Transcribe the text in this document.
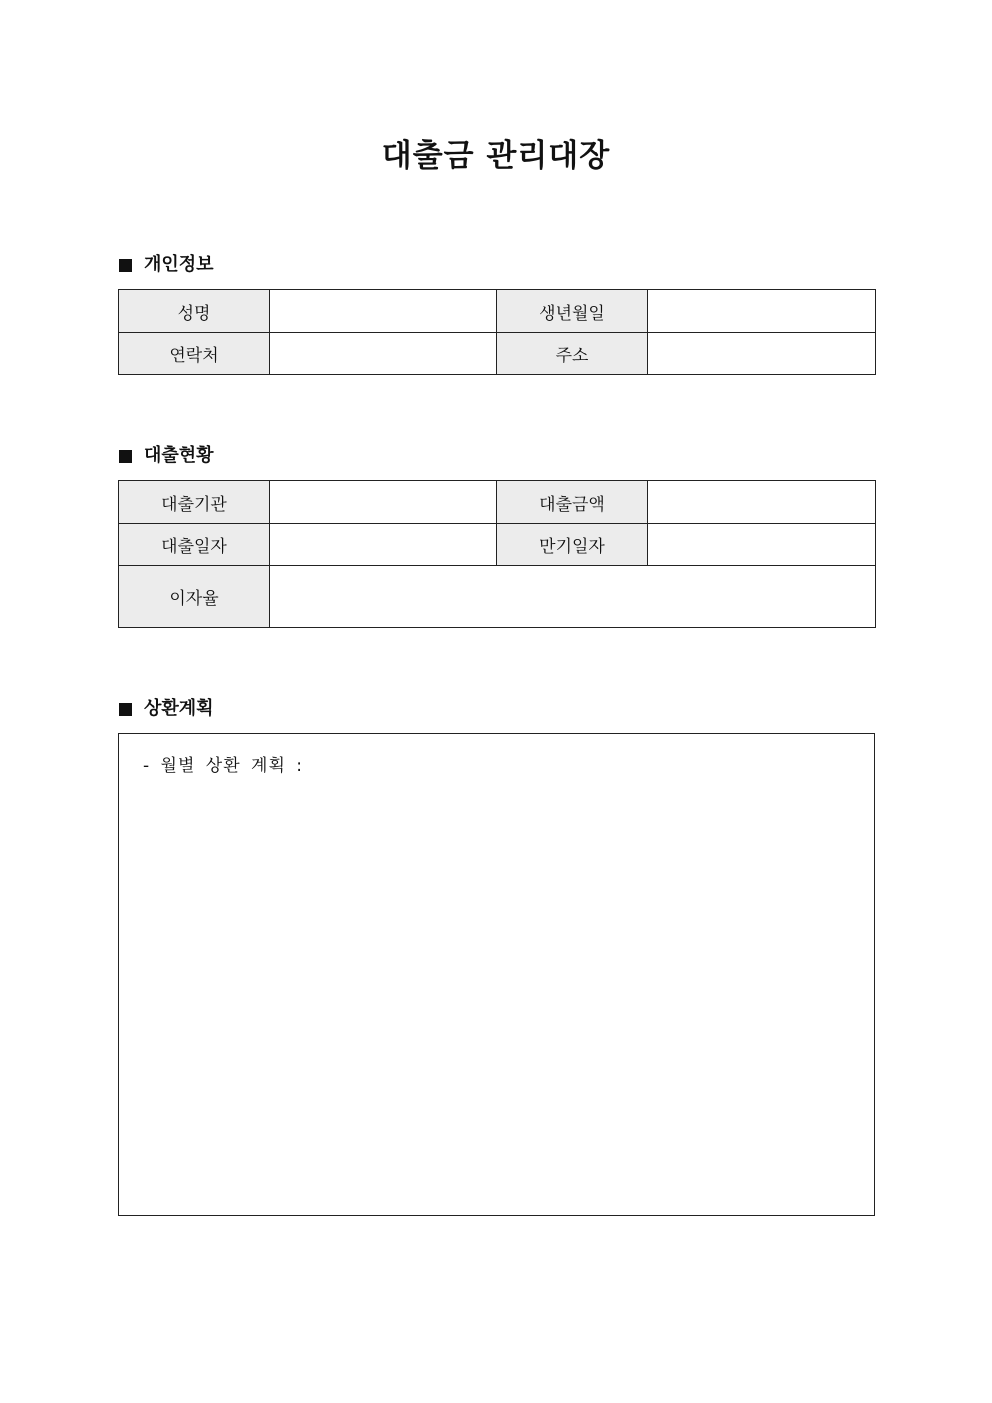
대출금 관리대장
개인정보
성명		생년월일	
연락처		주소	
대출현황
대출기관		대출금액	
대출일자		만기일자	
이자율			
상환계획
- 월별 상환 계획 :
